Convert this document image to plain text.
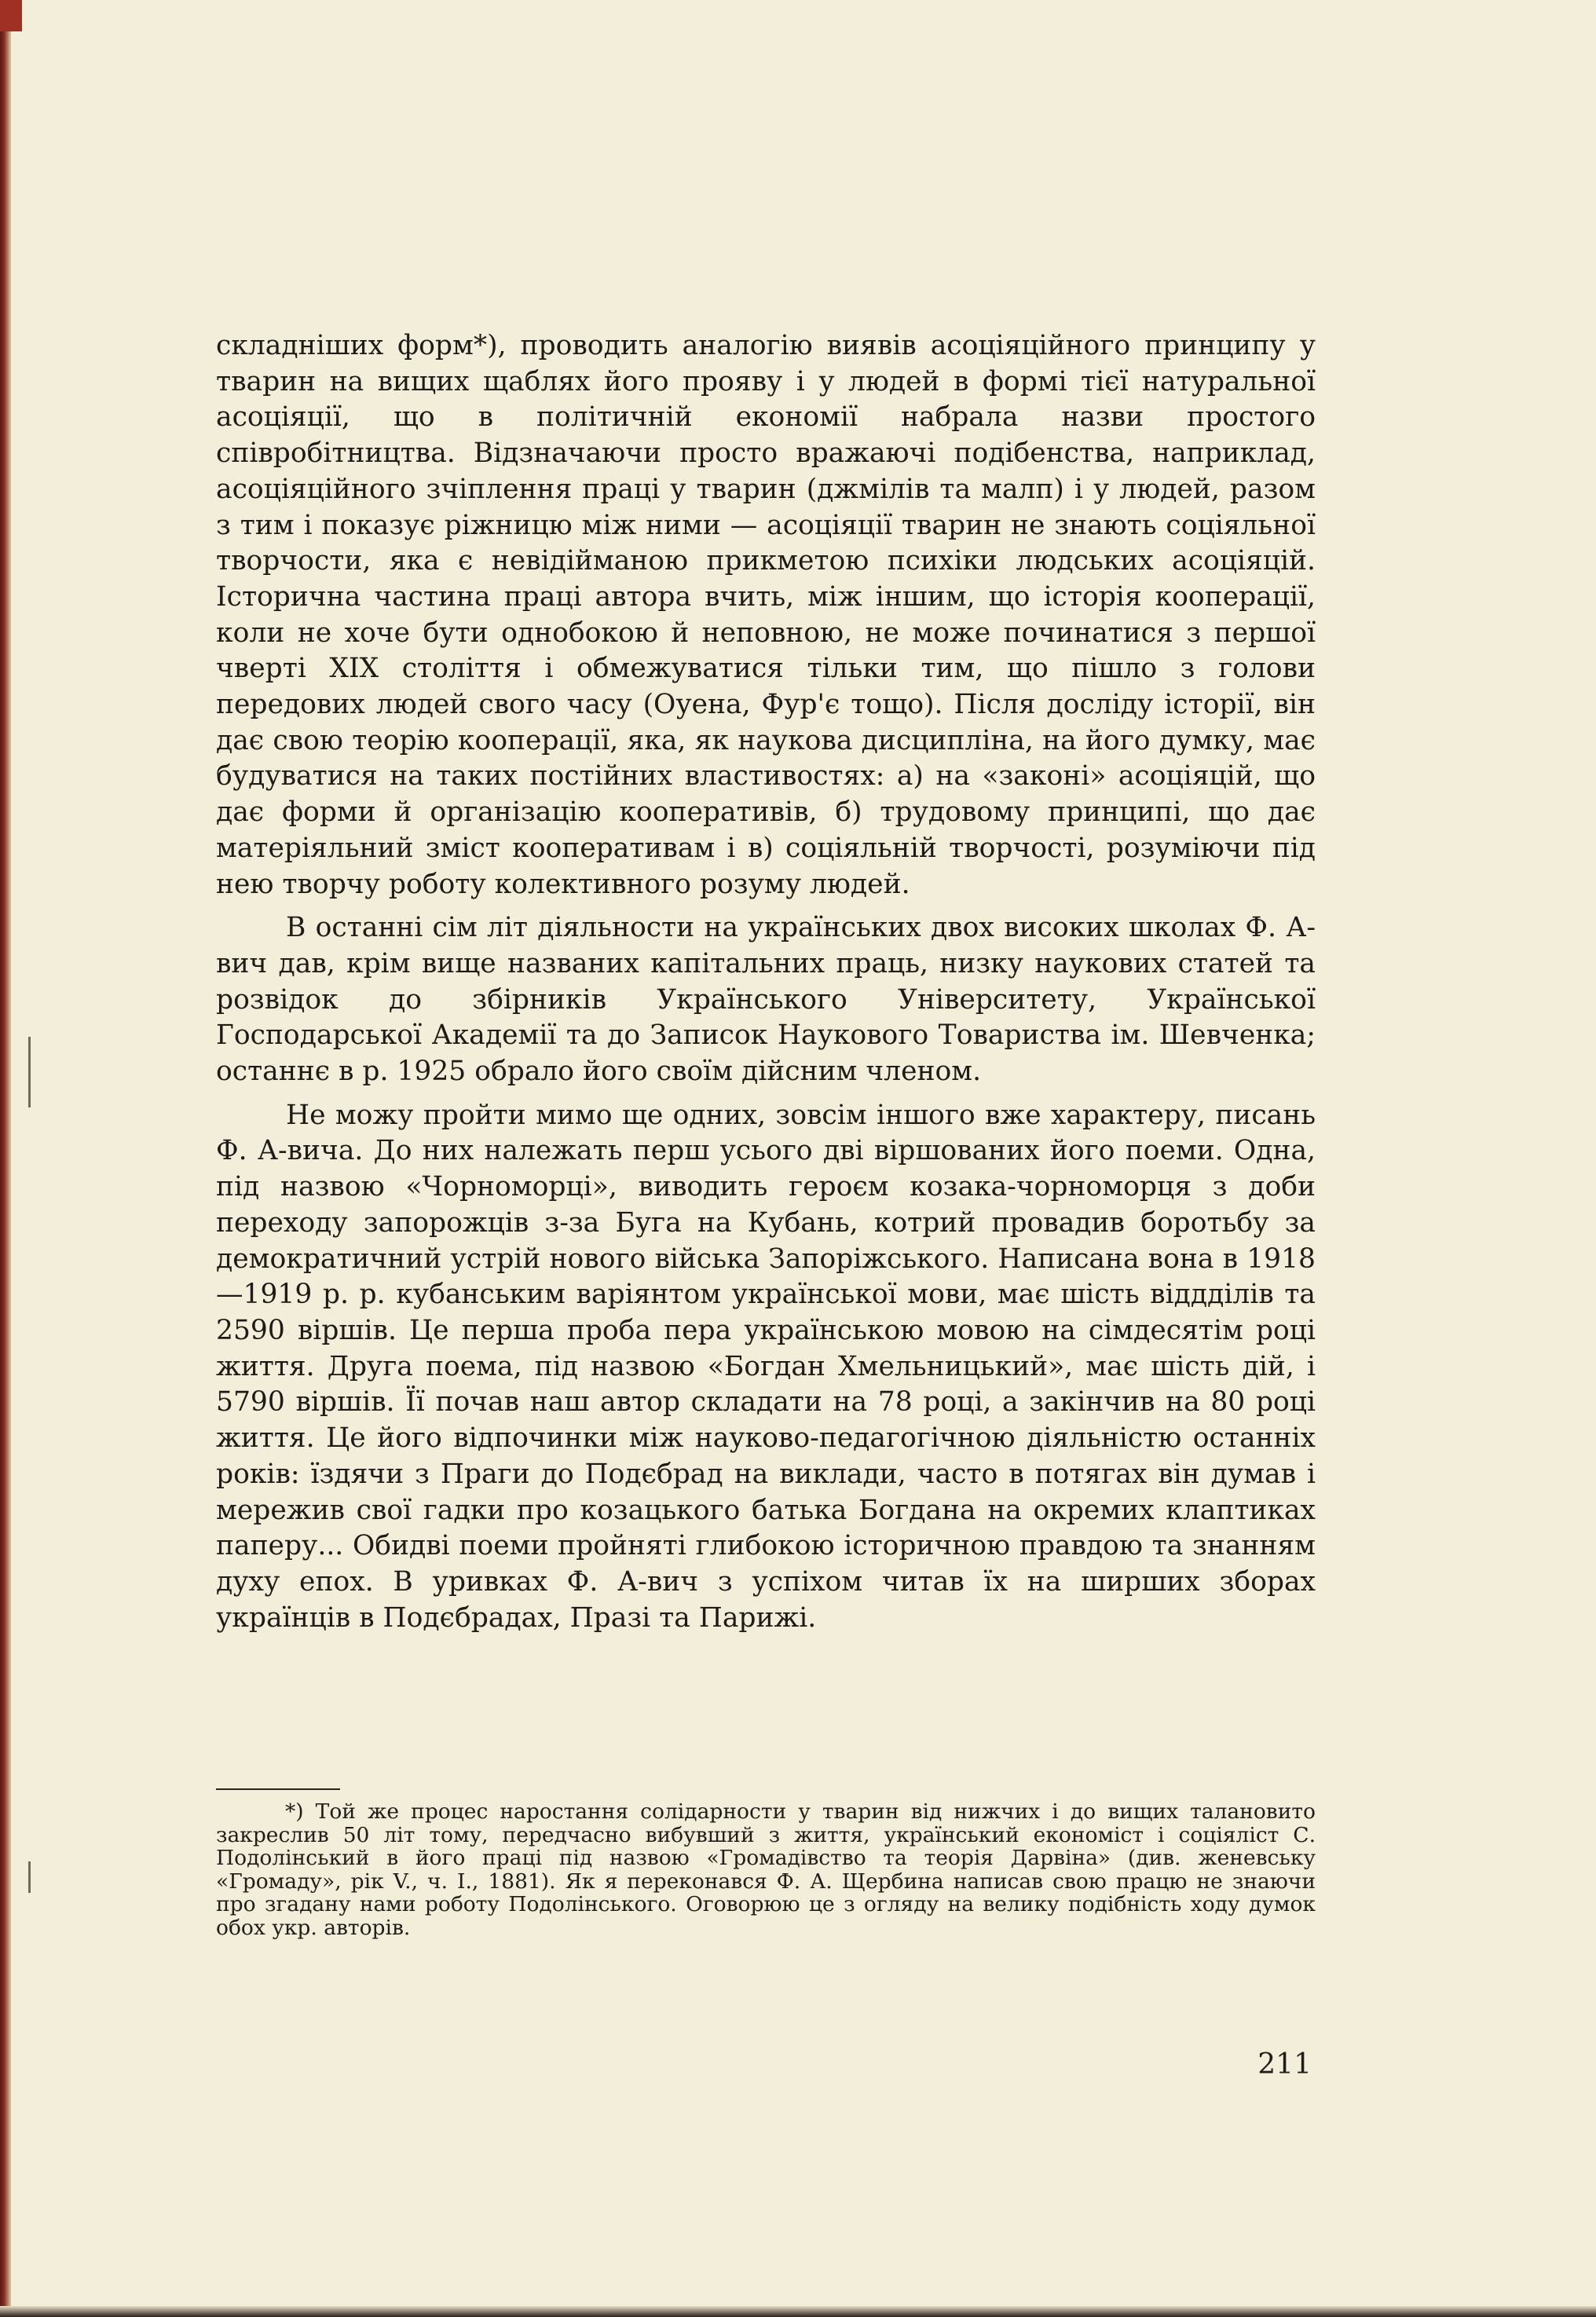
складніших форм*), проводить аналогію виявів асоціяційного принципу у тварин на вищих щаблях його прояву і у людей в формі тієї натуральної асоціяції, що в політичній економії набрала назви простого співробітництва. Відзначаючи просто вражаючі подібенства, наприклад, асоціяційного зчіплення праці у тварин (джмілів та малп) і у людей, разом з тим і показує ріжницю між ними — асоціяції тварин не знають соціяльної творчости, яка є невідійманою прикметою психіки людських асоціяцій. Історична частина праці автора вчить, між іншим, що історія кооперації, коли не хоче бути однобокою й неповною, не може починатися з першої чверті XIX століття і обмежуватися тільки тим, що пішло з голови передових людей свого часу (Оуена, Фур'є тощо). Після досліду історії, він дає свою теорію кооперації, яка, як наукова дисципліна, на його думку, має будуватися на таких постійних властивостях: а) на «законі» асоціяцій, що дає форми й організацію кооперативів, б) трудовому принципі, що дає матеріяльний зміст кооперативам і в) соціяльній творчості, розуміючи під нею творчу роботу колективного розуму людей.

В останні сім літ діяльности на українських двох високих школах Ф. А-вич дав, крім вище названих капітальних праць, низку наукових статей та розвідок до збірників Українського Університету, Української Господарської Академії та до Записок Наукового Товариства ім. Шевченка; останнє в р. 1925 обрало його своїм дійсним членом.

Не можу пройти мимо ще одних, зовсім іншого вже характеру, писань Ф. А-вича. До них належать перш усього дві віршованих його поеми. Одна, під назвою «Чорноморці», виводить героєм козака-чорноморця з доби переходу запорожців з-за Буга на Кубань, котрий провадив боротьбу за демократичний устрій нового війська Запоріжського. Написана вона в 1918—1919 р. р. кубанським варіянтом української мови, має шість віддділів та 2590 віршів. Це перша проба пера українською мовою на сімдесятім році життя. Друга поема, під назвою «Богдан Хмельницький», має шість дій, і 5790 віршів. Її почав наш автор складати на 78 році, а закінчив на 80 році життя. Це його відпочинки між науково-педагогічною діяльністю останніх років: їздячи з Праги до Подєбрад на виклади, часто в потягах він думав і мережив свої гадки про козацького батька Богдана на окремих клаптиках паперу... Обидві поеми пройняті глибокою історичною правдою та знанням духу епох. В уривках Ф. А-вич з успіхом читав їх на ширших зборах українців в Подєбрадах, Празі та Парижі.

*) Той же процес наростання солідарности у тварин від нижчих і до вищих талановито закреслив 50 літ тому, передчасно вибувший з життя, український економіст і соціяліст С. Подолінський в його праці під назвою «Громадівство та теорія Дарвіна» (див. женевську «Громаду», рік V., ч. I., 1881). Як я переконався Ф. А. Щербина написав свою працю не знаючи про згадану нами роботу Подолінського. Оговорюю це з огляду на велику подібність ходу думок обох укр. авторів.
211
